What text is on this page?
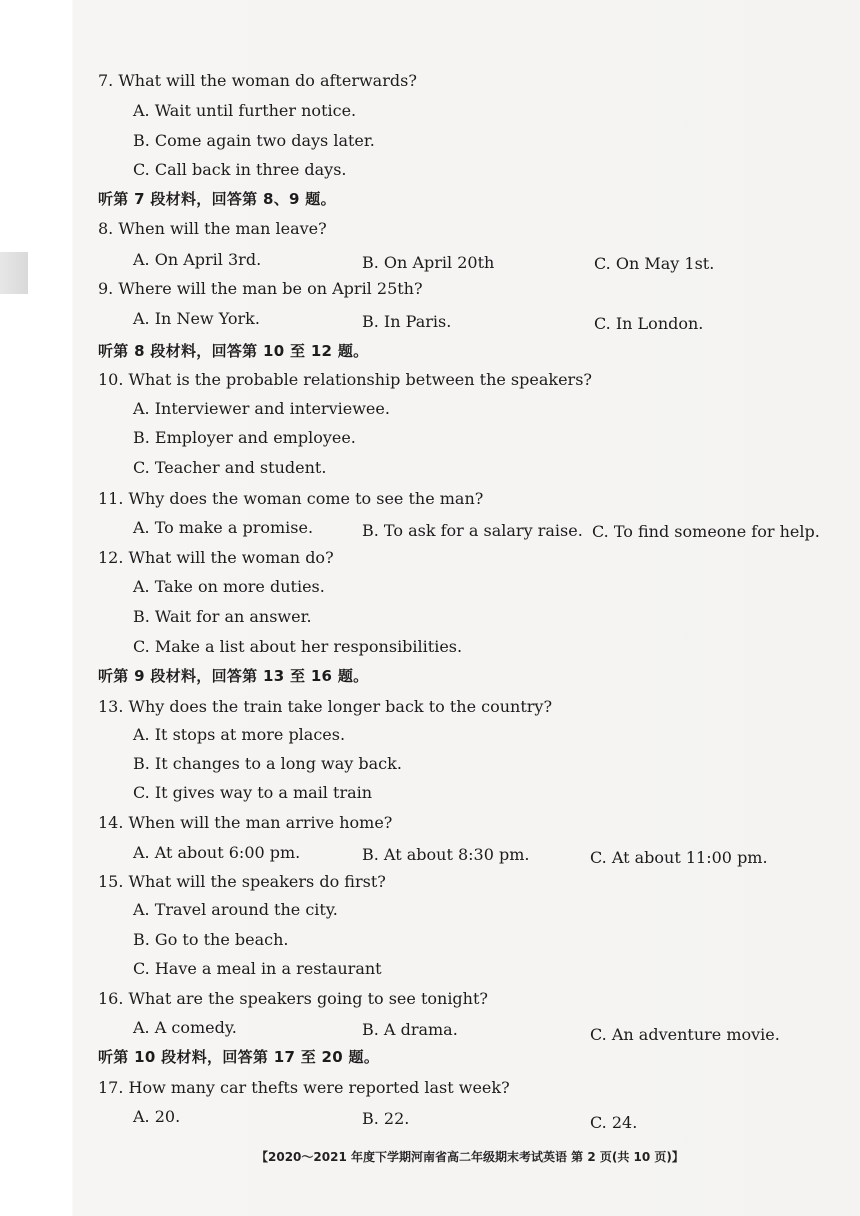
7. What will the woman do afterwards?
A. Wait until further notice.
B. Come again two days later.
C. Call back in three days.
听第 7 段材料，回答第 8、9 题。
8. When will the man leave?
A. On April 3rd.	B. On April 20th	C. On May 1st.
9. Where will the man be on April 25th?
A. In New York.	B. In Paris.	C. In London.
听第 8 段材料，回答第 10 至 12 题。
10. What is the probable relationship between the speakers?
A. Interviewer and interviewee.
B. Employer and employee.
C. Teacher and student.
11. Why does the woman come to see the man?
A. To make a promise.	B. To ask for a salary raise. C. To find someone for help.
12. What will the woman do?
A. Take on more duties.
B. Wait for an answer.
C. Make a list about her responsibilities.
听第 9 段材料，回答第 13 至 16 题。
13. Why does the train take longer back to the country?
A. It stops at more places.
B. It changes to a long way back.
C. It gives way to a mail train
14. When will the man arrive home?
A. At about 6:00 pm.	B. At about 8:30 pm.	C. At about 11:00 pm.
15. What will the speakers do first?
A. Travel around the city.
B. Go to the beach.
C. Have a meal in a restaurant
16. What are the speakers going to see tonight?
A. A comedy.	B. A drama.	C. An adventure movie.
听第 10 段材料，回答第 17 至 20 题。
17. How many car thefts were reported last week?
A. 20.	B. 22.	C. 24.
【2020～2021 年度下学期河南省高二年级期末考试英语 第 2 页(共 10 页)】
